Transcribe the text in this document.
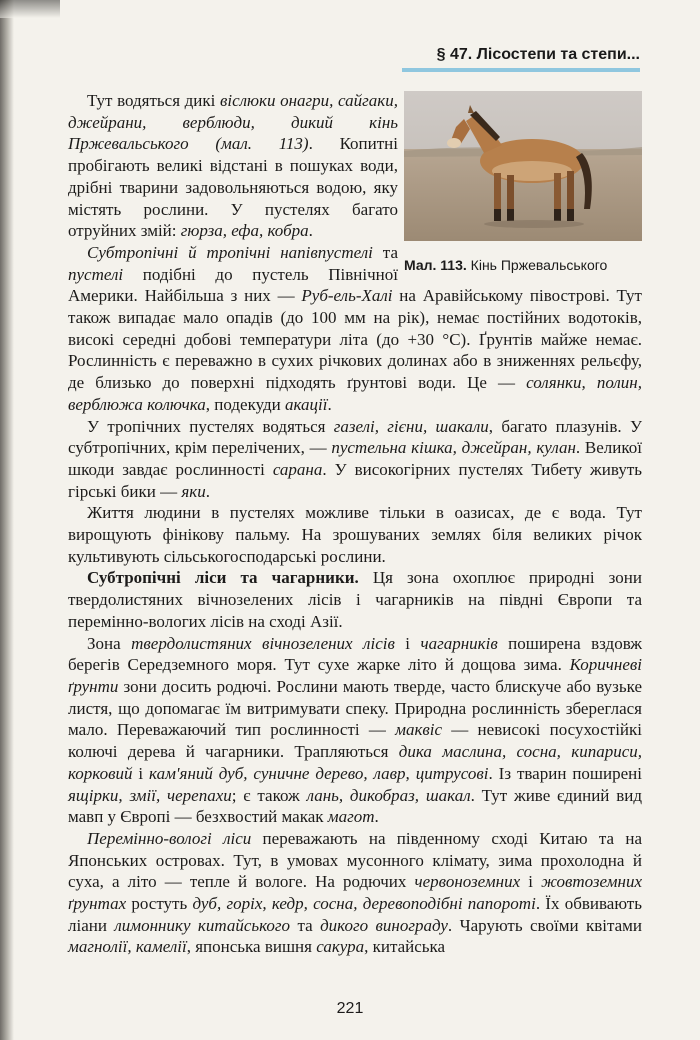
§ 47. Лісостепи та степи...
Мал. 113. Кінь Пржевальського

Тут водяться дикі віслюки онагри, сайгаки, джейрани, верблюди, дикий кінь Пржевальського (мал. 113). Копитні пробігають великі відстані в пошуках води, дрібні тварини задовольняються водою, яку містять рослини. У пустелях багато отруйних змій: гюрза, ефа, кобра.

Субтропічні й тропічні напівпустелі та пустелі подібні до пустель Північної Америки. Найбільша з них — Руб-ель-Халі на Аравійському півострові. Тут також випадає мало опадів (до 100 мм на рік), немає постійних водотоків, високі середні добові температури літа (до +30 °С). Ґрунтів майже немає. Рослинність є переважно в сухих річкових долинах або в зниженнях рельєфу, де близько до поверхні підходять ґрунтові води. Це — солянки, полин, верблюжа колючка, подекуди акації.

У тропічних пустелях водяться газелі, гієни, шакали, багато плазунів. У субтропічних, крім перелічених, — пустельна кішка, джейран, кулан. Великої шкоди завдає рослинності сарана. У високогірних пустелях Тибету живуть гірські бики — яки.

Життя людини в пустелях можливе тільки в оазисах, де є вода. Тут вирощують фінікову пальму. На зрошуваних землях біля великих річок культивують сільськогосподарські рослини.

Субтропічні ліси та чагарники. Ця зона охоплює природні зони твердолистяних вічнозелених лісів і чагарників на півдні Європи та перемінно-вологих лісів на сході Азії.

Зона твердолистяних вічнозелених лісів і чагарників поширена вздовж берегів Середземного моря. Тут сухе жарке літо й дощова зима. Коричневі ґрунти зони досить родючі. Рослини мають тверде, часто блискуче або вузьке листя, що допомагає їм витримувати спеку. Природна рослинність збереглася мало. Переважаючий тип рослинності — маквіс — невисокі посухостійкі колючі дерева й чагарники. Трапляються дика маслина, сосна, кипариси, корковий і кам'яний дуб, суничне дерево, лавр, цитрусові. Із тварин поширені ящірки, змії, черепахи; є також лань, дикобраз, шакал. Тут живе єдиний вид мавп у Європі — безхвостий макак магот.

Перемінно-вологі ліси переважають на південному сході Китаю та на Японських островах. Тут, в умовах мусонного клімату, зима прохолодна й суха, а літо — тепле й вологе. На родючих червоноземних і жовтоземних ґрунтах ростуть дуб, горіх, кедр, сосна, деревоподібні папороті. Їх обвивають ліани лимоннику китайського та дикого винограду. Чарують своїми квітами магнолії, камелії, японська вишня сакура, китайська

221
